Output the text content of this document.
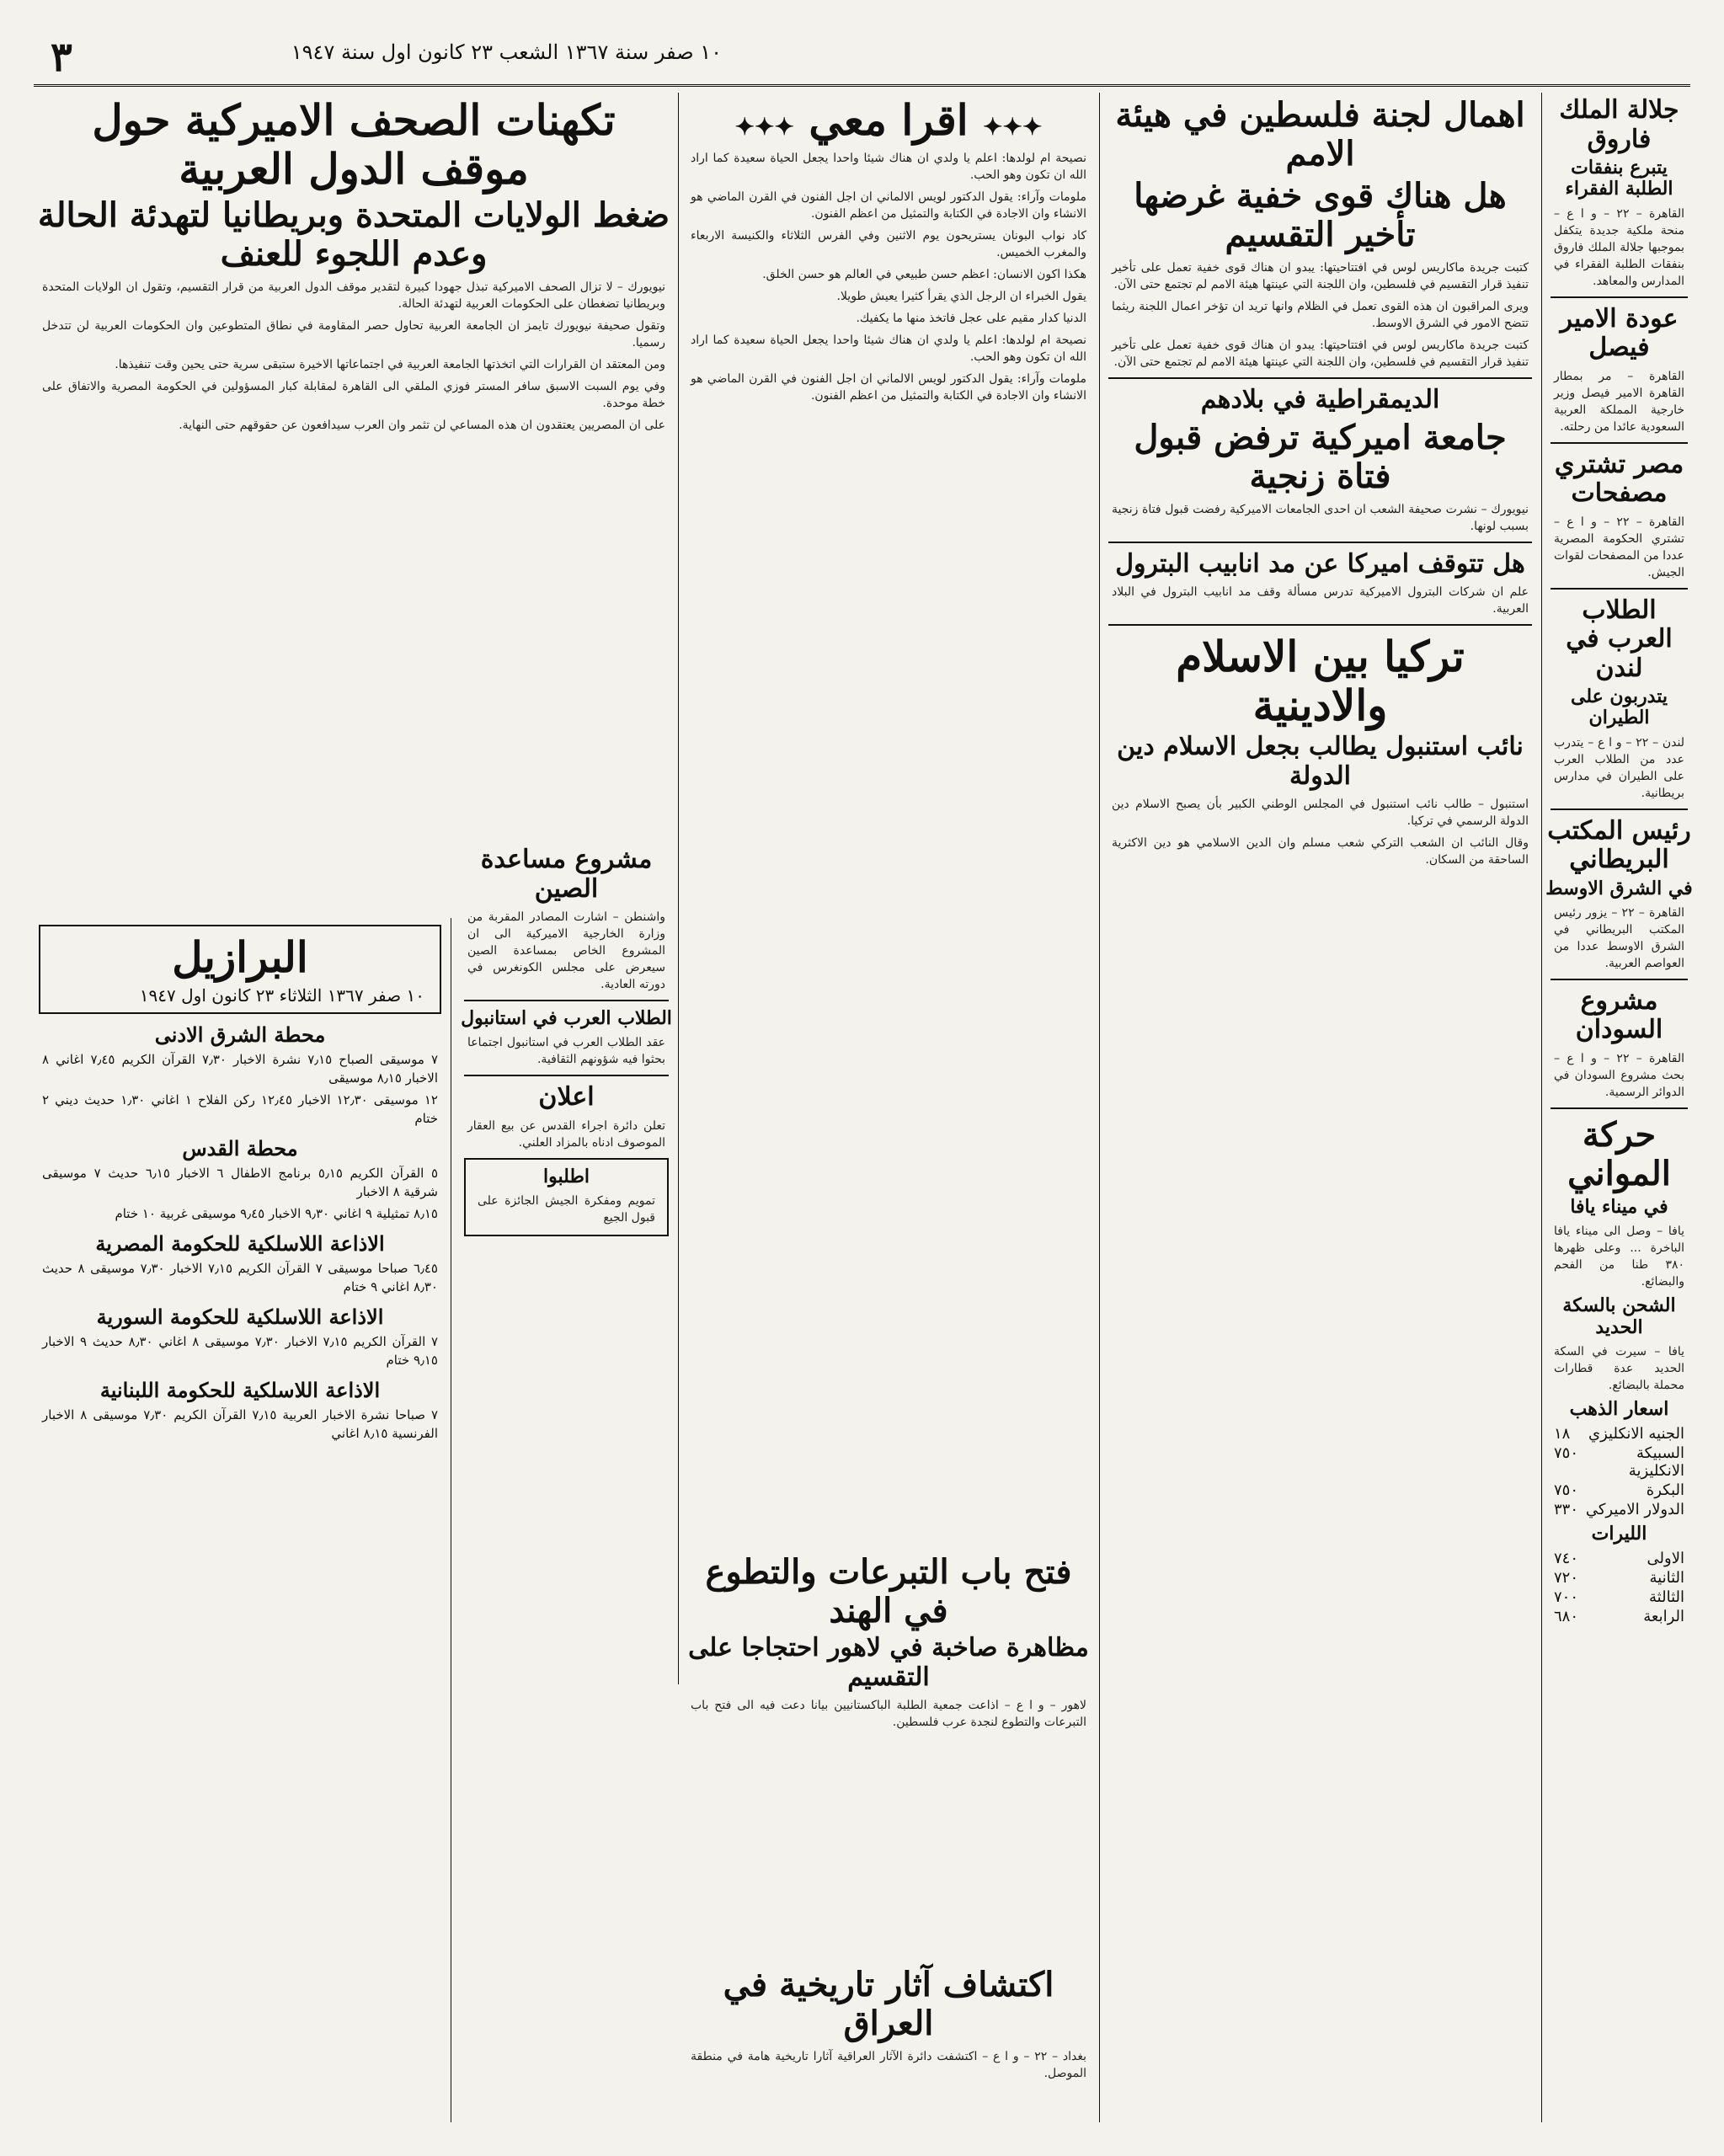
٣	١٠ صفر سنة ١٣٦٧ الشعب ٢٣ كانون اول سنة ١٩٤٧
جلالة الملك فاروق
يتبرع بنفقات الطلبة الفقراء

القاهرة – ٢٢ – و ا ع – منحة ملكية جديدة يتكفل بموجبها جلالة الملك فاروق بنفقات الطلبة الفقراء في المدارس والمعاهد.

عودة الامير فيصل

القاهرة – مر بمطار القاهرة الامير فيصل وزير خارجية المملكة العربية السعودية عائدا من رحلته.

مصر تشتري مصفحات

القاهرة – ٢٢ – و ا ع – تشتري الحكومة المصرية عددا من المصفحات لقوات الجيش.

الطلاب العرب في لندن
يتدربون على الطيران

لندن – ٢٢ – و ا ع – يتدرب عدد من الطلاب العرب على الطيران في مدارس بريطانية.

رئيس المكتب البريطاني
في الشرق الاوسط

القاهرة – ٢٢ – يزور رئيس المكتب البريطاني في الشرق الاوسط عددا من العواصم العربية.

مشروع السودان

القاهرة – ٢٢ – و ا ع – بحث مشروع السودان في الدوائر الرسمية.

حركة المواني
في ميناء يافا

يافا – وصل الى ميناء يافا الباخرة ... وعلى ظهرها ٣٨٠ طنا من الفحم والبضائع.

الشحن بالسكة الحديد

يافا – سيرت في السكة الحديد عدة قطارات محملة بالبضائع.

اسعار الذهب
الجنيه الانكليزي
١٨
السبيكة الانكليزية
٧٥٠
البكرة
٧٥٠
الدولار الاميركي
٣٣٠
الليرات
الاولى
٧٤٠
الثانية
٧٢٠
الثالثة
٧٠٠
الرابعة
٦٨٠
اهمال لجنة فلسطين في هيئة الامم
هل هناك قوى خفية غرضها تأخير التقسيم

كتبت جريدة ماكاريس لوس في افتتاحيتها: يبدو ان هناك قوى خفية تعمل على تأخير تنفيذ قرار التقسيم في فلسطين، وان اللجنة التي عينتها هيئة الامم لم تجتمع حتى الآن.

ويرى المراقبون ان هذه القوى تعمل في الظلام وانها تريد ان تؤخر اعمال اللجنة ريثما تتضح الامور في الشرق الاوسط.

كتبت جريدة ماكاريس لوس في افتتاحيتها: يبدو ان هناك قوى خفية تعمل على تأخير تنفيذ قرار التقسيم في فلسطين، وان اللجنة التي عينتها هيئة الامم لم تجتمع حتى الآن.

الديمقراطية في بلادهم
جامعة اميركية ترفض قبول فتاة زنجية

نيويورك – نشرت صحيفة الشعب ان احدى الجامعات الاميركية رفضت قبول فتاة زنجية بسبب لونها.

هل تتوقف اميركا عن مد انابيب البترول

علم ان شركات البترول الاميركية تدرس مسألة وقف مد انابيب البترول في البلاد العربية.

تركيا بين الاسلام والادينية
نائب استنبول يطالب بجعل الاسلام دين الدولة

استنبول – طالب نائب استنبول في المجلس الوطني الكبير بأن يصبح الاسلام دين الدولة الرسمي في تركيا.

وقال النائب ان الشعب التركي شعب مسلم وان الدين الاسلامي هو دين الاكثرية الساحقة من السكان.

✦✦✦ اقرا معي ✦✦✦

نصيحة ام لولدها: اعلم يا ولدي ان هناك شيئا واحدا يجعل الحياة سعيدة كما اراد الله ان تكون وهو الحب.

ملومات وآراء: يقول الدكتور لويس الالماني ان اجل الفنون في القرن الماضي هو الانشاء وان الاجادة في الكتابة والتمثيل من اعظم الفنون.

كاد نواب البونان يستريحون يوم الاثنين وفي الفرس الثلاثاء والكنيسة الاربعاء والمغرب الخميس.

هكذا اكون الانسان: اعظم حسن طبيعي في العالم هو حسن الخلق.

يقول الخبراء ان الرجل الذي يقرأ كثيرا يعيش طويلا.

الدنيا كدار مقيم على عجل فاتخذ منها ما يكفيك.

نصيحة ام لولدها: اعلم يا ولدي ان هناك شيئا واحدا يجعل الحياة سعيدة كما اراد الله ان تكون وهو الحب.

ملومات وآراء: يقول الدكتور لويس الالماني ان اجل الفنون في القرن الماضي هو الانشاء وان الاجادة في الكتابة والتمثيل من اعظم الفنون.

تكهنات الصحف الاميركية حول موقف الدول العربية
ضغط الولايات المتحدة وبريطانيا لتهدئة الحالة وعدم اللجوء للعنف

نيويورك – لا تزال الصحف الاميركية تبذل جهودا كبيرة لتقدير موقف الدول العربية من قرار التقسيم، وتقول ان الولايات المتحدة وبريطانيا تضغطان على الحكومات العربية لتهدئة الحالة.

وتقول صحيفة نيويورك تايمز ان الجامعة العربية تحاول حصر المقاومة في نطاق المتطوعين وان الحكومات العربية لن تتدخل رسميا.

ومن المعتقد ان القرارات التي اتخذتها الجامعة العربية في اجتماعاتها الاخيرة ستبقى سرية حتى يحين وقت تنفيذها.

وفي يوم السبت الاسبق سافر المستر فوزي الملقي الى القاهرة لمقابلة كبار المسؤولين في الحكومة المصرية والاتفاق على خطة موحدة.

على ان المصريين يعتقدون ان هذه المساعي لن تثمر وان العرب سيدافعون عن حقوقهم حتى النهاية.

البرازيل
١٠ صفر ١٣٦٧ الثلاثاء ٢٣ كانون اول ١٩٤٧
محطة الشرق الادنى

٧ موسيقى الصباح ٧٫١٥ نشرة الاخبار ٧٫٣٠ القرآن الكريم ٧٫٤٥ اغاني ٨ الاخبار ٨٫١٥ موسيقى

١٢ موسيقى ١٢٫٣٠ الاخبار ١٢٫٤٥ ركن الفلاح ١ اغاني ١٫٣٠ حديث ديني ٢ ختام

محطة القدس

٥ القرآن الكريم ٥٫١٥ برنامج الاطفال ٦ الاخبار ٦٫١٥ حديث ٧ موسيقى شرقية ٨ الاخبار

٨٫١٥ تمثيلية ٩ اغاني ٩٫٣٠ الاخبار ٩٫٤٥ موسيقى غربية ١٠ ختام

الاذاعة اللاسلكية للحكومة المصرية

٦٫٤٥ صباحا موسيقى ٧ القرآن الكريم ٧٫١٥ الاخبار ٧٫٣٠ موسيقى ٨ حديث ٨٫٣٠ اغاني ٩ ختام

الاذاعة اللاسلكية للحكومة السورية

٧ القرآن الكريم ٧٫١٥ الاخبار ٧٫٣٠ موسيقى ٨ اغاني ٨٫٣٠ حديث ٩ الاخبار ٩٫١٥ ختام

الاذاعة اللاسلكية للحكومة اللبنانية

٧ صباحا نشرة الاخبار العربية ٧٫١٥ القرآن الكريم ٧٫٣٠ موسيقى ٨ الاخبار الفرنسية ٨٫١٥ اغاني

مشروع مساعدة الصين

واشنطن – اشارت المصادر المقربة من وزارة الخارجية الاميركية الى ان المشروع الخاص بمساعدة الصين سيعرض على مجلس الكونغرس في دورته العادية.

الطلاب العرب في استانبول

عقد الطلاب العرب في استانبول اجتماعا بحثوا فيه شؤونهم الثقافية.

اعلان

تعلن دائرة اجراء القدس عن بيع العقار الموصوف ادناه بالمزاد العلني.

اطلبوا

تمويم ومفكرة الجيش الجائزة على قبول الجيع

فتح باب التبرعات والتطوع في الهند
مظاهرة صاخبة في لاهور احتجاجا على التقسيم

لاهور – و ا ع – اذاعت جمعية الطلبة الباكستانيين بيانا دعت فيه الى فتح باب التبرعات والتطوع لنجدة عرب فلسطين.

اكتشاف آثار تاريخية في العراق

بغداد – ٢٢ – و ا ع – اكتشفت دائرة الآثار العراقية آثارا تاريخية هامة في منطقة الموصل.
